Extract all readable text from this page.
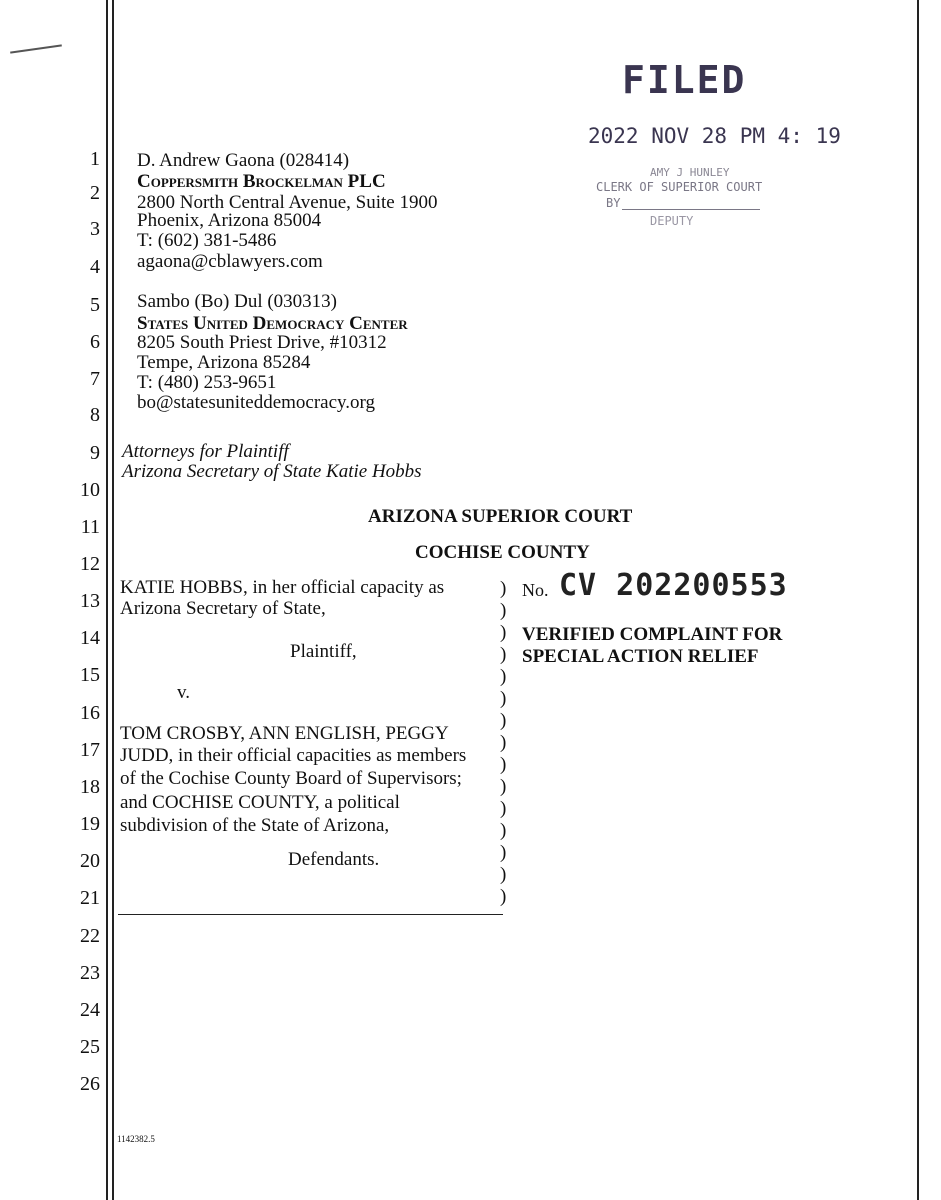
1
2
3
4
5
6
7
8
9
10
11
12
13
14
15
16
17
18
19
20
21
22
23
24
25
26
FILED
2022 NOV 28 PM 4: 19
AMY J HUNLEY
CLERK OF SUPERIOR COURT
BY
DEPUTY
D. Andrew Gaona (028414)
Coppersmith Brockelman PLC
2800 North Central Avenue, Suite 1900
Phoenix, Arizona 85004
T: (602) 381-5486
agaona@cblawyers.com
Sambo (Bo) Dul (030313)
States United Democracy Center
8205 South Priest Drive, #10312
Tempe, Arizona 85284
T: (480) 253-9651
bo@statesuniteddemocracy.org
Attorneys for Plaintiff
Arizona Secretary of State Katie Hobbs
ARIZONA SUPERIOR COURT
COCHISE COUNTY
KATIE HOBBS, in her official capacity as
Arizona Secretary of State,
Plaintiff,
v.
TOM CROSBY, ANN ENGLISH, PEGGY
JUDD, in their official capacities as members
of the Cochise County Board of Supervisors;
and COCHISE COUNTY, a political
subdivision of the State of Arizona,
Defendants.
)
)
)
)
)
)
)
)
)
)
)
)
)
)
)
No. CV 202200553
VERIFIED COMPLAINT FOR
SPECIAL ACTION RELIEF
1142382.5
